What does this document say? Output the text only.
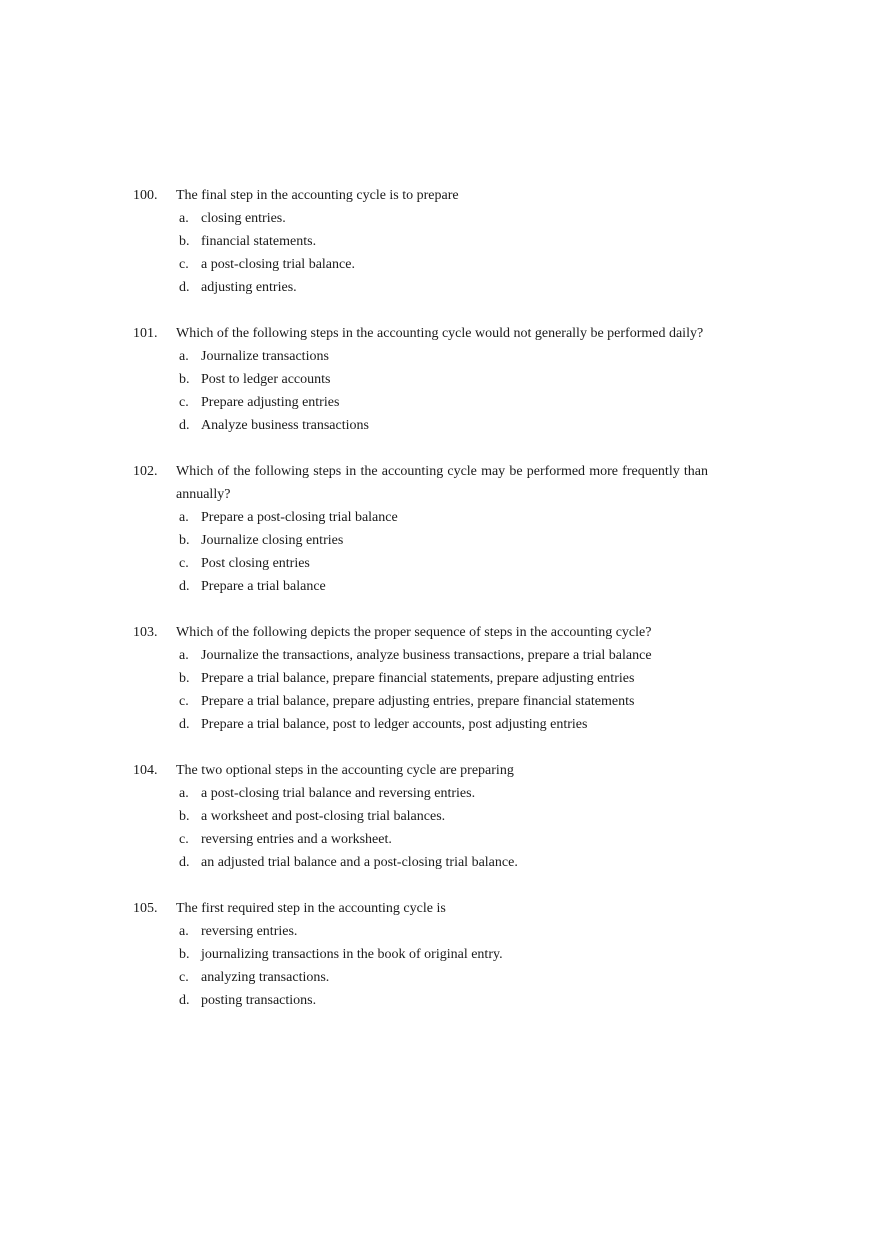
100.	The final step in the accounting cycle is to prepare
a. closing entries.
b. financial statements.
c. a post-closing trial balance.
d. adjusting entries.
101.	Which of the following steps in the accounting cycle would not generally be performed daily?
a. Journalize transactions
b. Post to ledger accounts
c. Prepare adjusting entries
d. Analyze business transactions
102.	Which of the following steps in the accounting cycle may be performed more frequently than annually?
a. Prepare a post-closing trial balance
b. Journalize closing entries
c. Post closing entries
d. Prepare a trial balance
103.	Which of the following depicts the proper sequence of steps in the accounting cycle?
a. Journalize the transactions, analyze business transactions, prepare a trial balance
b. Prepare a trial balance, prepare financial statements, prepare adjusting entries
c. Prepare a trial balance, prepare adjusting entries, prepare financial statements
d. Prepare a trial balance, post to ledger accounts, post adjusting entries
104.	The two optional steps in the accounting cycle are preparing
a. a post-closing trial balance and reversing entries.
b. a worksheet and post-closing trial balances.
c. reversing entries and a worksheet.
d. an adjusted trial balance and a post-closing trial balance.
105.	The first required step in the accounting cycle is
a. reversing entries.
b. journalizing transactions in the book of original entry.
c. analyzing transactions.
d. posting transactions.
